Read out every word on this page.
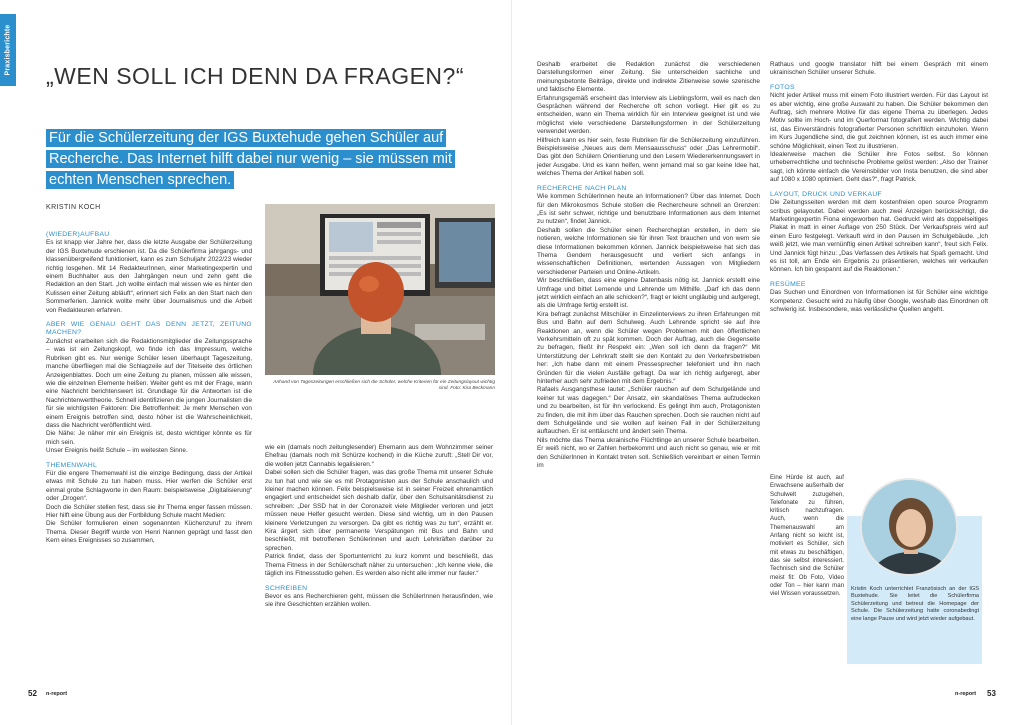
Praxisberichte
„WEN SOLL ICH DENN DA FRAGEN?“
Für die Schülerzeitung der IGS Buxtehude gehen Schüler auf Recherche. Das Internet hilft dabei nur wenig – sie müssen mit echten Menschen sprechen.
KRISTIN KOCH
(WIEDER)AUFBAU

Es ist knapp vier Jahre her, dass die letzte Ausgabe der Schülerzeitung der IGS Buxtehude erschienen ist. Da die Schülerfirma jahrgangs- und klassenübergreifend funktioniert, kann es zum Schuljahr 2022/23 wieder richtig losgehen. Mit 14 RedakteurInnen, einer Marketingexpertin und einem Buchhalter aus den Jahrgängen neun und zehn geht die Redaktion an den Start. „Ich wollte einfach mal wissen wie es hinter den Kulissen einer Zeitung abläuft“, erinnert sich Felix an den Start nach den Sommerferien. Jannick wollte mehr über Journalismus und die Arbeit von Redakteuren erfahren.

ABER WIE GENAU GEHT DAS DENN JETZT, ZEITUNG MACHEN?

Zunächst erarbeiten sich die Redaktionsmitglieder die Zeitungssprache – was ist ein Zeitungskopf, wo finde ich das Impressum, welche Rubriken gibt es. Nur wenige Schüler lesen überhaupt Tageszeitung, manche überfliegen mal die Schlagzeile auf der Titelseite des örtlichen Anzeigenblattes. Doch um eine Zeitung zu planen, müssen alle wissen, wie die einzelnen Elemente heißen. Weiter geht es mit der Frage, wann eine Nachricht berichtenswert ist. Grundlage für die Antworten ist die Nachrichtenwerttheorie. Schnell identifizieren die jungen Journalisten die für sie wichtigsten Faktoren: Die Betroffenheit: Je mehr Menschen von einem Ereignis betroffen sind, desto höher ist die Wahrscheinlichkeit, dass die Nachricht veröffentlicht wird.

Die Nähe: Je näher mir ein Ereignis ist, desto wichtiger könnte es für mich sein.

Unser Ereignis heißt Schule – im weitesten Sinne.

THEMENWAHL

Für die engere Themenwahl ist die einzige Bedingung, dass der Artikel etwas mit Schule zu tun haben muss. Hier werfen die Schüler erst einmal grobe Schlagworte in den Raum: beispielsweise „Digitalisierung“ oder „Drogen“.

Doch die Schüler stellen fest, dass sie ihr Thema enger fassen müssen. Hier hilft eine Übung aus der Fortbildung Schule macht Medien:

Die Schüler formulieren einen sogenannten Küchenzuruf zu ihrem Thema. Dieser Begriff wurde von Henri Nannen geprägt und fasst den Kern eines Ereignisses so zusammen,

Anhand von Tageszeitungen erschließen sich die Schüler, welche Kriterien für ein Zeitungslayout wichtig sind. Foto: Kira Beckmann

wie ein (damals noch zeitunglesender) Ehemann aus dem Wohnzimmer seiner Ehefrau (damals noch mit Schürze kochend) in die Küche zuruft: „Stell Dir vor, die wollen jetzt Cannabis legalisieren.“

Dabei sollen sich die Schüler fragen, was das große Thema mit unserer Schule zu tun hat und wie sie es mit Protagonisten aus der Schule anschaulich und kleiner machen können. Felix beispielsweise ist in seiner Freizeit ehrenamtlich engagiert und entscheidet sich deshalb dafür, über den Schulsanitätsdienst zu schreiben: „Der SSD hat in der Coronazeit viele Mitglieder verloren und jetzt müssen neue Helfer gesucht werden. Diese sind wichtig, um in den Pausen kleinere Verletzungen zu versorgen. Da gibt es richtig was zu tun“, erzählt er. Kira ärgert sich über permanente Verspätungen mit Bus und Bahn und beschließt, mit betroffenen Schülerinnen und auch Lehrkräften darüber zu sprechen.

Patrick findet, dass der Sportunterricht zu kurz kommt und beschließt, das Thema Fitness in der Schülerschaft näher zu untersuchen: „Ich kenne viele, die täglich ins Fitnessstudio gehen. Es werden also nicht alle immer nur fauler.“

SCHREIBEN

Bevor es ans Recherchieren geht, müssen die SchülerInnen herausfinden, wie sie ihre Geschichten erzählen wollen.

52 n-report

Deshalb erarbeitet die Redaktion zunächst die verschiedenen Darstellungsformen einer Zeitung. Sie unterscheiden sachliche und meinungsbetonte Beiträge, direkte und indirekte Zitierweise sowie szenische und faktische Elemente.

Erfahrungsgemäß erscheint das Interview als Lieblingsform, weil es nach den Gesprächen während der Recherche oft schon vorliegt. Hier gilt es zu entscheiden, wann ein Thema wirklich für ein Interview geeignet ist und wie möglichst viele verschiedene Darstellungsformen in der Schülerzeitung verwendet werden.

Hilfreich kann es hier sein, feste Rubriken für die Schülerzeitung einzuführen. Beispielsweise „Neues aus dem Mensaausschuss“ oder „Das Lehrermobil“. Das gibt den Schülern Orientierung und den Lesern Wiedererkennungswert in jeder Ausgabe. Und es kann helfen, wenn jemand mal so gar keine Idee hat, welches Thema der Artikel haben soll.

RECHERCHE NACH PLAN

Wie kommen SchülerInnen heute an Informationen? Über das Internet. Doch für den Mikrokosmos Schule stoßen die Rechercheure schnell an Grenzen: „Es ist sehr schwer, richtige und benutzbare Informationen aus dem Internet zu nutzen“, findet Jannick.

Deshalb sollen die Schüler einen Rechercheplan erstellen, in dem sie notieren, welche Informationen sie für ihren Text brauchen und von wem sie diese Informationen bekommen können. Jannick beispielsweise hat sich das Thema Gendern herausgesucht und verliert sich anfangs in wissenschaftlichen Definitionen, wertenden Aussagen von Mitgliedern verschiedener Parteien und Online-Artikeln.

Wir beschließen, dass eine eigene Datenbasis nötig ist. Jannick erstellt eine Umfrage und bittet Lernende und Lehrende um Mithilfe. „Darf ich das denn jetzt wirklich einfach an alle schicken?“, fragt er leicht ungläubig und aufgeregt, als die Umfrage fertig erstellt ist.

Kira befragt zunächst Mitschüler in Einzelinterviews zu ihren Erfahrungen mit Bus und Bahn auf dem Schulweg. Auch Lehrende spricht sie auf ihre Reaktionen an, wenn die Schüler wegen Problemen mit den öffentlichen Verkehrsmitteln oft zu spät kommen. Doch der Auftrag, auch die Gegenseite zu befragen, fließt ihr Respekt ein: „Wen soll ich denn da fragen?“ Mit Unterstützung der Lehrkraft stellt sie den Kontakt zu den Verkehrsbetrieben her: „Ich habe dann mit einem Pressesprecher telefoniert und ihn nach Gründen für die vielen Ausfälle gefragt. Da war ich richtig aufgeregt, aber hinterher auch sehr zufrieden mit dem Ergebnis.“

Rafaels Ausgangsthese lautet: „Schüler rauchen auf dem Schulgelände und keiner tut was dagegen.“ Der Ansatz, ein skandalöses Thema aufzudecken und zu bearbeiten, ist für ihn verlockend. Es gelingt ihm auch, Protagonisten zu finden, die mit ihm über das Rauchen sprechen. Doch sie rauchen nicht auf dem Schulgelände und sie wollen auf keinen Fall in der Schülerzeitung auftauchen. Er ist enttäuscht und ändert sein Thema.

Nils möchte das Thema ukrainische Flüchtlinge an unserer Schule bearbeiten. Er weiß nicht, wo er Zahlen herbekommt und auch nicht so genau, wie er mit den SchülerInnen in Kontakt treten soll. Schließlich vereinbart er einen Termin im

Rathaus und google translator hilft bei einem Gespräch mit einem ukrainischen Schüler unserer Schule.

FOTOS

Nicht jeder Artikel muss mit einem Foto illustriert werden. Für das Layout ist es aber wichtig, eine große Auswahl zu haben. Die Schüler bekommen den Auftrag, sich mehrere Motive für das eigene Thema zu überlegen. Jedes Motiv sollte im Hoch- und im Querformat fotografiert werden. Wichtig dabei ist, das Einverständnis fotografierter Personen schriftlich einzuholen. Wenn im Kurs Jugendliche sind, die gut zeichnen können, ist es auch immer eine schöne Möglichkeit, einen Text zu illustrieren.

Idealerweise machen die Schüler ihre Fotos selbst. So können urheberrechtliche und technische Probleme gelöst werden: „Also der Trainer sagt, ich könnte einfach die Vereinsbilder von Insta benutzen, die sind aber auf 1080 x 1080 optimiert. Geht das?“, fragt Patrick.

LAYOUT, DRUCK UND VERKAUF

Die Zeitungsseiten werden mit dem kostenfreien open source Programm scribus gelayoutet. Dabei werden auch zwei Anzeigen berücksichtigt, die Marketingexpertin Fiona eingeworben hat. Gedruckt wird als doppelseitiges Plakat in matt in einer Auflage von 250 Stück. Der Verkaufspreis wird auf einen Euro festgelegt. Verkauft wird in den Pausen im Schulgebäude. „Ich weiß jetzt, wie man vernünftig einen Artikel schreiben kann“, freut sich Felix. Und Jannick fügt hinzu: „Das Verfassen des Artikels hat Spaß gemacht. Und es ist toll, am Ende ein Ergebnis zu präsentieren, welches wir verkaufen können. Ich bin gespannt auf die Reaktionen.“

RESÜMEE

Das Suchen und Einordnen von Informationen ist für Schüler eine wichtige Kompetenz. Gesucht wird zu häufig über Google, weshalb das Einordnen oft schwierig ist. Insbesondere, was verlässliche Quellen angeht.

Eine Hürde ist auch, auf Erwachsene außerhalb der Schulwelt zuzugehen, Telefonate zu führen, kritisch nachzufragen. Auch, wenn die Themenauswahl am Anfang nicht so leicht ist, motiviert es Schüler, sich mit etwas zu beschäftigen, das sie selbst interessiert. Technisch sind die Schüler meist fit: Ob Foto, Video oder Ton – hier kann man viel Wissen voraussetzen.

53
n-report

Kristin Koch unterrichtet Französisch an der IGS Buxtehude. Sie leitet die Schülerfirma Schülerzeitung und betreut die Homepage der Schule. Die Schülerzeitung hatte coronabedingt eine lange Pause und wird jetzt wieder aufgebaut.
